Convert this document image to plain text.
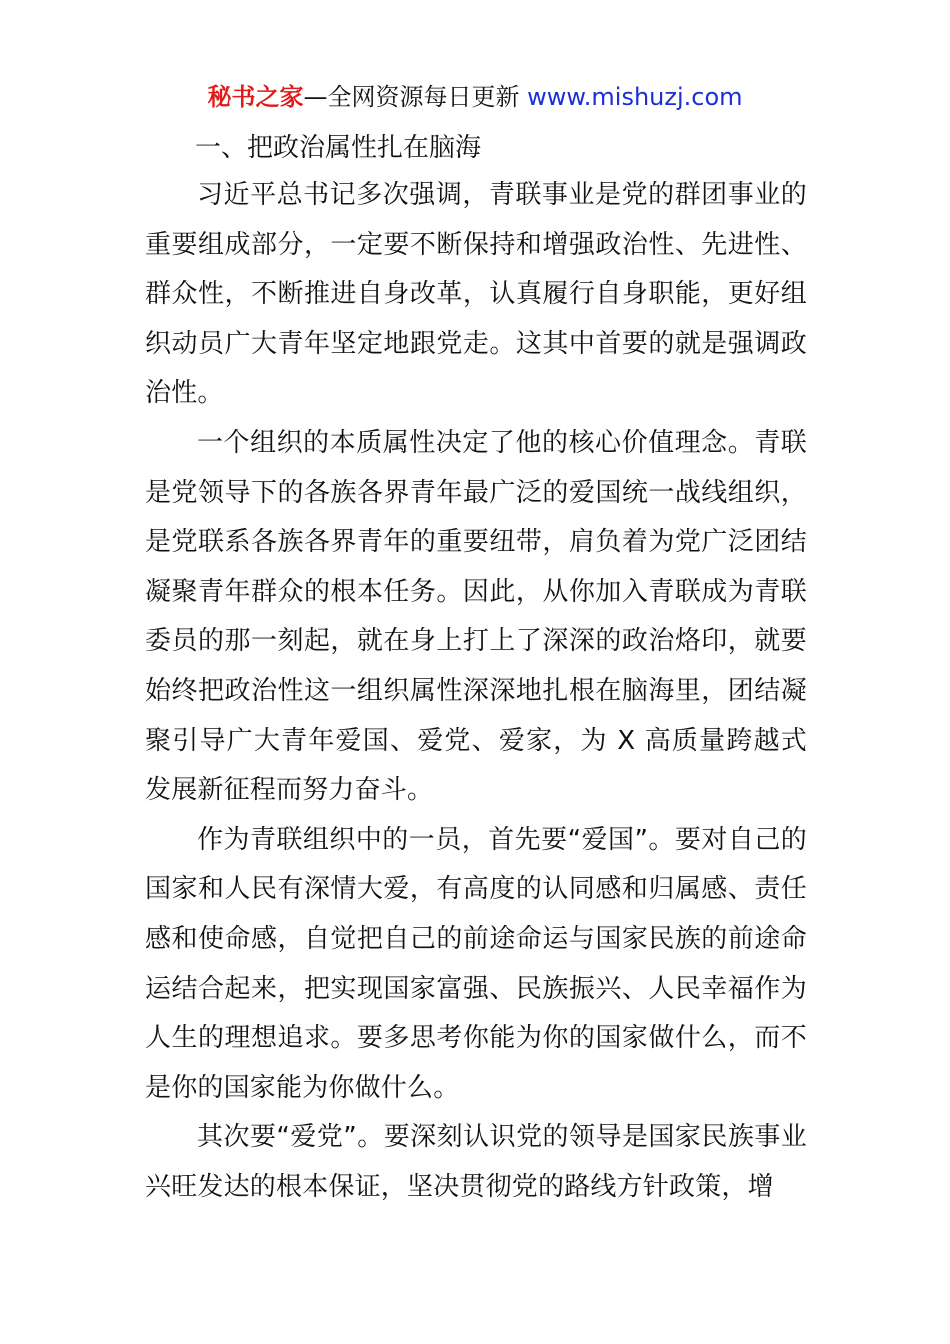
秘书之家—全网资源每日更新 www.mishuzj.com
一、把政治属性扎在脑海

习近平总书记多次强调，青联事业是党的群团事业的重要组成部分，一定要不断保持和增强政治性、先进性、群众性，不断推进自身改革，认真履行自身职能，更好组织动员广大青年坚定地跟党走。这其中首要的就是强调政治性。

一个组织的本质属性决定了他的核心价值理念。青联是党领导下的各族各界青年最广泛的爱国统一战线组织，是党联系各族各界青年的重要纽带，肩负着为党广泛团结凝聚青年群众的根本任务。因此，从你加入青联成为青联委员的那一刻起，就在身上打上了深深的政治烙印，就要始终把政治性这一组织属性深深地扎根在脑海里，团结凝聚引导广大青年爱国、爱党、爱家，为 X 高质量跨越式发展新征程而努力奋斗。

作为青联组织中的一员，首先要“爱国”。要对自己的国家和人民有深情大爱，有高度的认同感和归属感、责任感和使命感，自觉把自己的前途命运与国家民族的前途命运结合起来，把实现国家富强、民族振兴、人民幸福作为人生的理想追求。要多思考你能为你的国家做什么，而不是你的国家能为你做什么。

其次要“爱党”。要深刻认识党的领导是国家民族事业兴旺发达的根本保证，坚决贯彻党的路线方针政策，增
